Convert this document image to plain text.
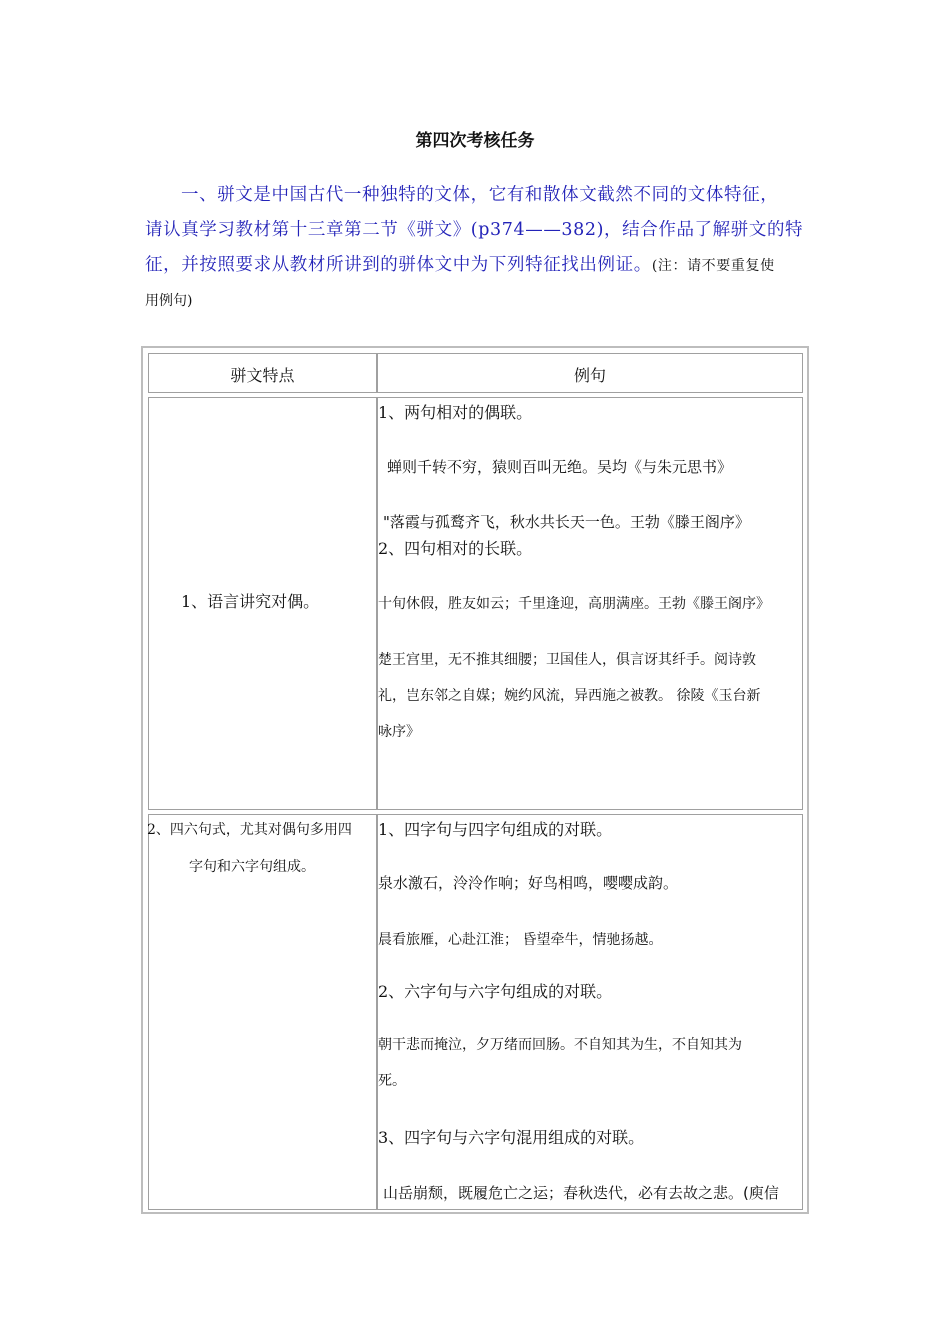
第四次考核任务
一、骈文是中国古代一种独特的文体，它有和散体文截然不同的文体特征，
请认真学习教材第十三章第二节《骈文》(p374——382)，结合作品了解骈文的特
征，并按照要求从教材所讲到的骈体文中为下列特征找出例证。(注：请不要重复使
用例句)
骈文特点	例句
1、语言讲究对偶。
1、两句相对的偶联。
蝉则千转不穷，猿则百叫无绝。吴均《与朱元思书》
"落霞与孤鹜齐飞，秋水共长天一色。王勃《滕王阁序》
2、四句相对的长联。
十旬休假，胜友如云；千里逢迎，高朋满座。王勃《滕王阁序》
楚王宫里，无不推其细腰；卫国佳人，俱言讶其纤手。阅诗敦
礼，岂东邻之自媒；婉约风流，异西施之被教。 徐陵《玉台新
咏序》
2、四六句式，尤其对偶句多用四
字句和六字句组成。
1、四字句与四字句组成的对联。
泉水激石，泠泠作响；好鸟相鸣，嘤嘤成韵。
晨看旅雁，心赴江淮； 昏望牵牛，情驰扬越。
2、六字句与六字句组成的对联。
朝干悲而掩泣，夕万绪而回肠。不自知其为生，不自知其为
死。
3、四字句与六字句混用组成的对联。
山岳崩颓，既履危亡之运；春秋迭代，必有去故之悲。(庾信
